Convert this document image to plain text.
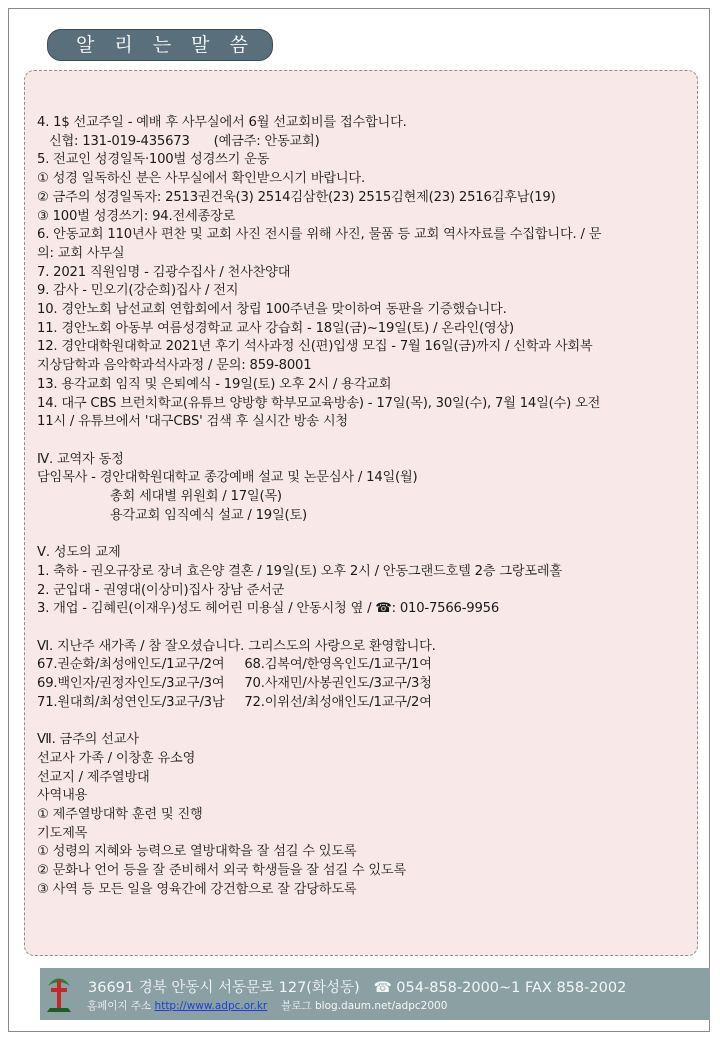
알 리 는 말 씀
4. 1$ 선교주일 - 예배 후 사무실에서 6월 선교회비를 접수합니다.
신협: 131-019-435673      (예금주: 안동교회)
5. 전교인 성경일독·100벌 성경쓰기 운동
① 성경 일독하신 분은 사무실에서 확인받으시기 바랍니다.
② 금주의 성경일독자: 2513권건욱(3) 2514김삼한(23) 2515김현제(23) 2516김후남(19)
③ 100벌 성경쓰기: 94.전세종장로
6. 안동교회 110년사 편찬 및 교회 사진 전시를 위해 사진, 물품 등 교회 역사자료를 수집합니다. / 문
의: 교회 사무실
7. 2021 직원임명 - 김광수집사 / 천사찬양대
9. 감사 - 민오기(강순희)집사 / 전지
10. 경안노회 남선교회 연합회에서 창립 100주년을 맞이하여 동판을 기증했습니다.
11. 경안노회 아동부 여름성경학교 교사 강습회 - 18일(금)~19일(토) / 온라인(영상)
12. 경안대학원대학교 2021년 후기 석사과정 신(편)입생 모집 - 7월 16일(금)까지 / 신학과 사회복
지상담학과 음악학과석사과정 / 문의: 859-8001
13. 용각교회 임직 및 은퇴예식 - 19일(토) 오후 2시 / 용각교회
14. 대구 CBS 브런치학교(유튜브 양방향 학부모교육방송) - 17일(목), 30일(수), 7월 14일(수) 오전
11시 / 유튜브에서 '대구CBS' 검색 후 실시간 방송 시청
Ⅳ. 교역자 동정
담임목사 - 경안대학원대학교 종강예배 설교 및 논문심사 / 14일(월)
총회 세대별 위원회 / 17일(목)
용각교회 임직예식 설교 / 19일(토)
Ⅴ. 성도의 교제
1. 축하 - 권오규장로 장녀 효은양 결혼 / 19일(토) 오후 2시 / 안동그랜드호텔 2층 그랑포레홀
2. 군입대 - 권영대(이상미)집사 장남 준서군
3. 개업 - 김혜린(이재우)성도 헤어린 미용실 / 안동시청 옆 / ☎: 010-7566-9956
Ⅵ. 지난주 새가족 / 참 잘오셨습니다. 그리스도의 사랑으로 환영합니다.
67.권순화/최성애인도/1교구/2여     68.김복여/한영옥인도/1교구/1여
69.백인자/권정자인도/3교구/3여     70.사재민/사봉권인도/3교구/3청
71.원대희/최성연인도/3교구/3남     72.이위선/최성애인도/1교구/2여
Ⅶ. 금주의 선교사
선교사 가족 / 이창훈 유소영
선교지 / 제주열방대
사역내용
① 제주열방대학 훈련 및 진행
기도제목
① 성령의 지혜와 능력으로 열방대학을 잘 섬길 수 있도록
② 문화나 언어 등을 잘 준비해서 외국 학생들을 잘 섬길 수 있도록
③ 사역 등 모든 일을 영육간에 강건함으로 잘 감당하도록
36691 경북 안동시 서동문로 127(화성동) ☎ 054-858-2000~1 FAX 858-2002
홈페이지 주소 http://www.adpc.or.kr 블로그 blog.daum.net/adpc2000
